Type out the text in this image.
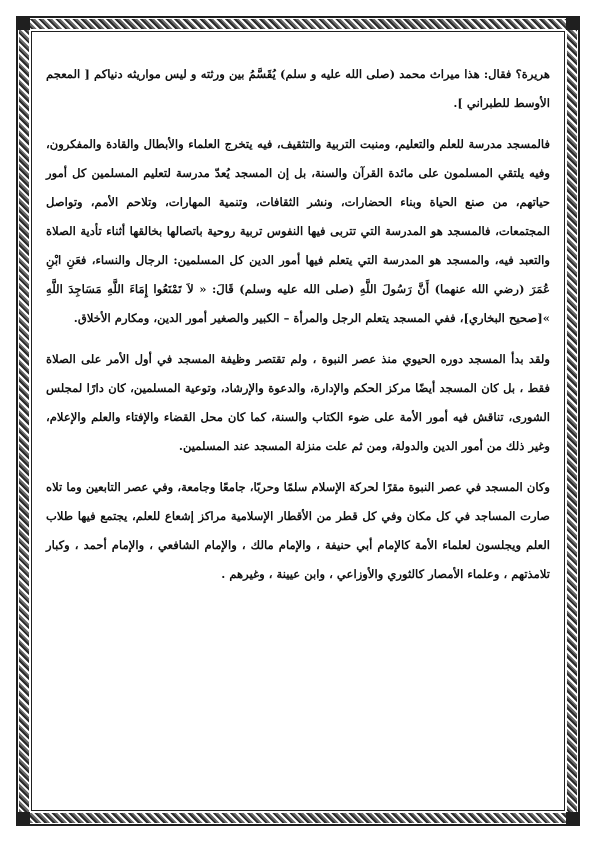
هريرة؟ فقال: هذا ميراث محمد (صلى الله عليه و سلم) يُقَسَّمُ بين ورثته و ليس مواريثه دنياكم [ المعجم الأوسط للطبراني ].

فالمسجد مدرسة للعلم والتعليم، ومنبت التربية والتثقيف، فيه يتخرج العلماء والأبطال والقادة والمفكرون، وفيه يلتقي المسلمون على مائدة القرآن والسنة، بل إن المسجد يُعدّ مدرسة لتعليم المسلمين كل أمور حياتهم، من صنع الحياة وبناء الحضارات، ونشر الثقافات، وتنمية المهارات، وتلاحم الأمم، وتواصل المجتمعات، فالمسجد هو المدرسة التي تتربى فيها النفوس تربية روحية باتصالها بخالقها أثناء تأدية الصلاة والتعبد فيه، والمسجد هو المدرسة التي يتعلم فيها أمور الدين كل المسلمين: الرجال والنساء، فعَنِ ابْنِ عُمَرَ (رضي الله عنهما) أَنَّ رَسُولَ اللَّهِ (صلى الله عليه وسلم) قَالَ: « لاَ تَمْنَعُوا إِمَاءَ اللَّهِ مَسَاجِدَ اللَّهِ »[صحيح البخاري]، ففي المسجد يتعلم الرجل والمرأة – الكبير والصغير أمور الدين، ومكارم الأخلاق.

ولقد بدأ المسجد دوره الحيوي منذ عصر النبوة ، ولم تقتصر وظيفة المسجد في أول الأمر على الصلاة فقط ، بل كان المسجد أيضًا مركز الحكم والإدارة، والدعوة والإرشاد، وتوعية المسلمين، كان دارًا لمجلس الشورى، تناقش فيه أمور الأمة على ضوء الكتاب والسنة، كما كان محل القضاء والإفتاء والعلم والإعلام، وغير ذلك من أمور الدين والدولة، ومن ثم علت منزلة المسجد عند المسلمين.

وكان المسجد في عصر النبوة مقرًا لحركة الإسلام سلمًا وحربًا، جامعًا وجامعة، وفي عصر التابعين وما تلاه صارت المساجد في كل مكان وفي كل قطر من الأقطار الإسلامية مراكز إشعاع للعلم، يجتمع فيها طلاب العلم ويجلسون لعلماء الأمة كالإمام أبي حنيفة ، والإمام مالك ، والإمام الشافعي ، والإمام أحمد ، وكبار تلامذتهم ، وعلماء الأمصار كالثوري والأوزاعي ، وابن عيينة ، وغيرهم .
